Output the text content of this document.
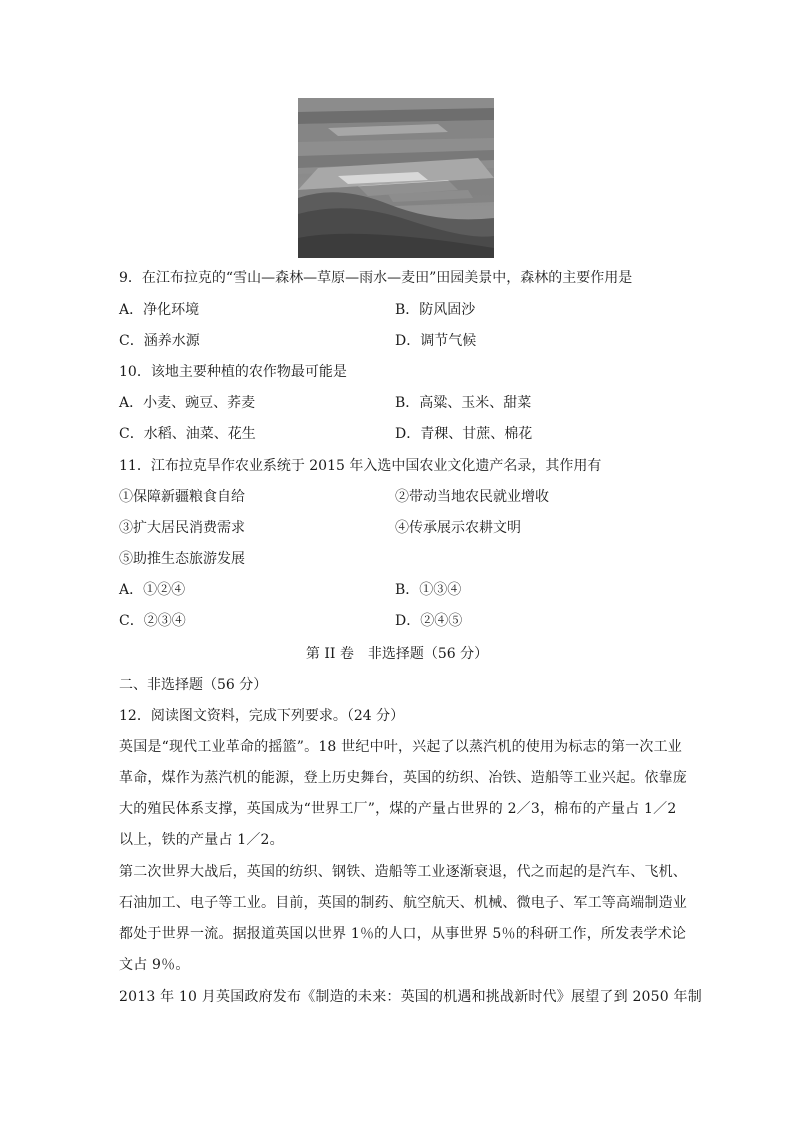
9．在江布拉克的“雪山—森林—草原—雨水—麦田”田园美景中，森林的主要作用是
A．净化环境	B．防风固沙
C．涵养水源	D．调节气候
10．该地主要种植的农作物最可能是
A．小麦、豌豆、荞麦	B．高粱、玉米、甜菜
C．水稻、油菜、花生	D．青稞、甘蔗、棉花
11．江布拉克旱作农业系统于 2015 年入选中国农业文化遗产名录，其作用有
①保障新疆粮食自给	②带动当地农民就业增收
③扩大居民消费需求	④传承展示农耕文明
⑤助推生态旅游发展
A．①②④	B．①③④
C．②③④	D．②④⑤
第 II 卷　非选择题（56 分）
二、非选择题（56 分）
12．阅读图文资料，完成下列要求。（24 分）
英国是“现代工业革命的摇篮”。18 世纪中叶，兴起了以蒸汽机的使用为标志的第一次工业
革命，煤作为蒸汽机的能源，登上历史舞台，英国的纺织、冶铁、造船等工业兴起。依靠庞
大的殖民体系支撑，英国成为“世界工厂”，煤的产量占世界的 2／3，棉布的产量占 1／2
以上，铁的产量占 1／2。
第二次世界大战后，英国的纺织、钢铁、造船等工业逐渐衰退，代之而起的是汽车、飞机、
石油加工、电子等工业。目前，英国的制药、航空航天、机械、微电子、军工等高端制造业
都处于世界一流。据报道英国以世界 1％的人口，从事世界 5％的科研工作，所发表学术论
文占 9％。
2013 年 10 月英国政府发布《制造的未来：英国的机遇和挑战新时代》展望了到 2050 年制
